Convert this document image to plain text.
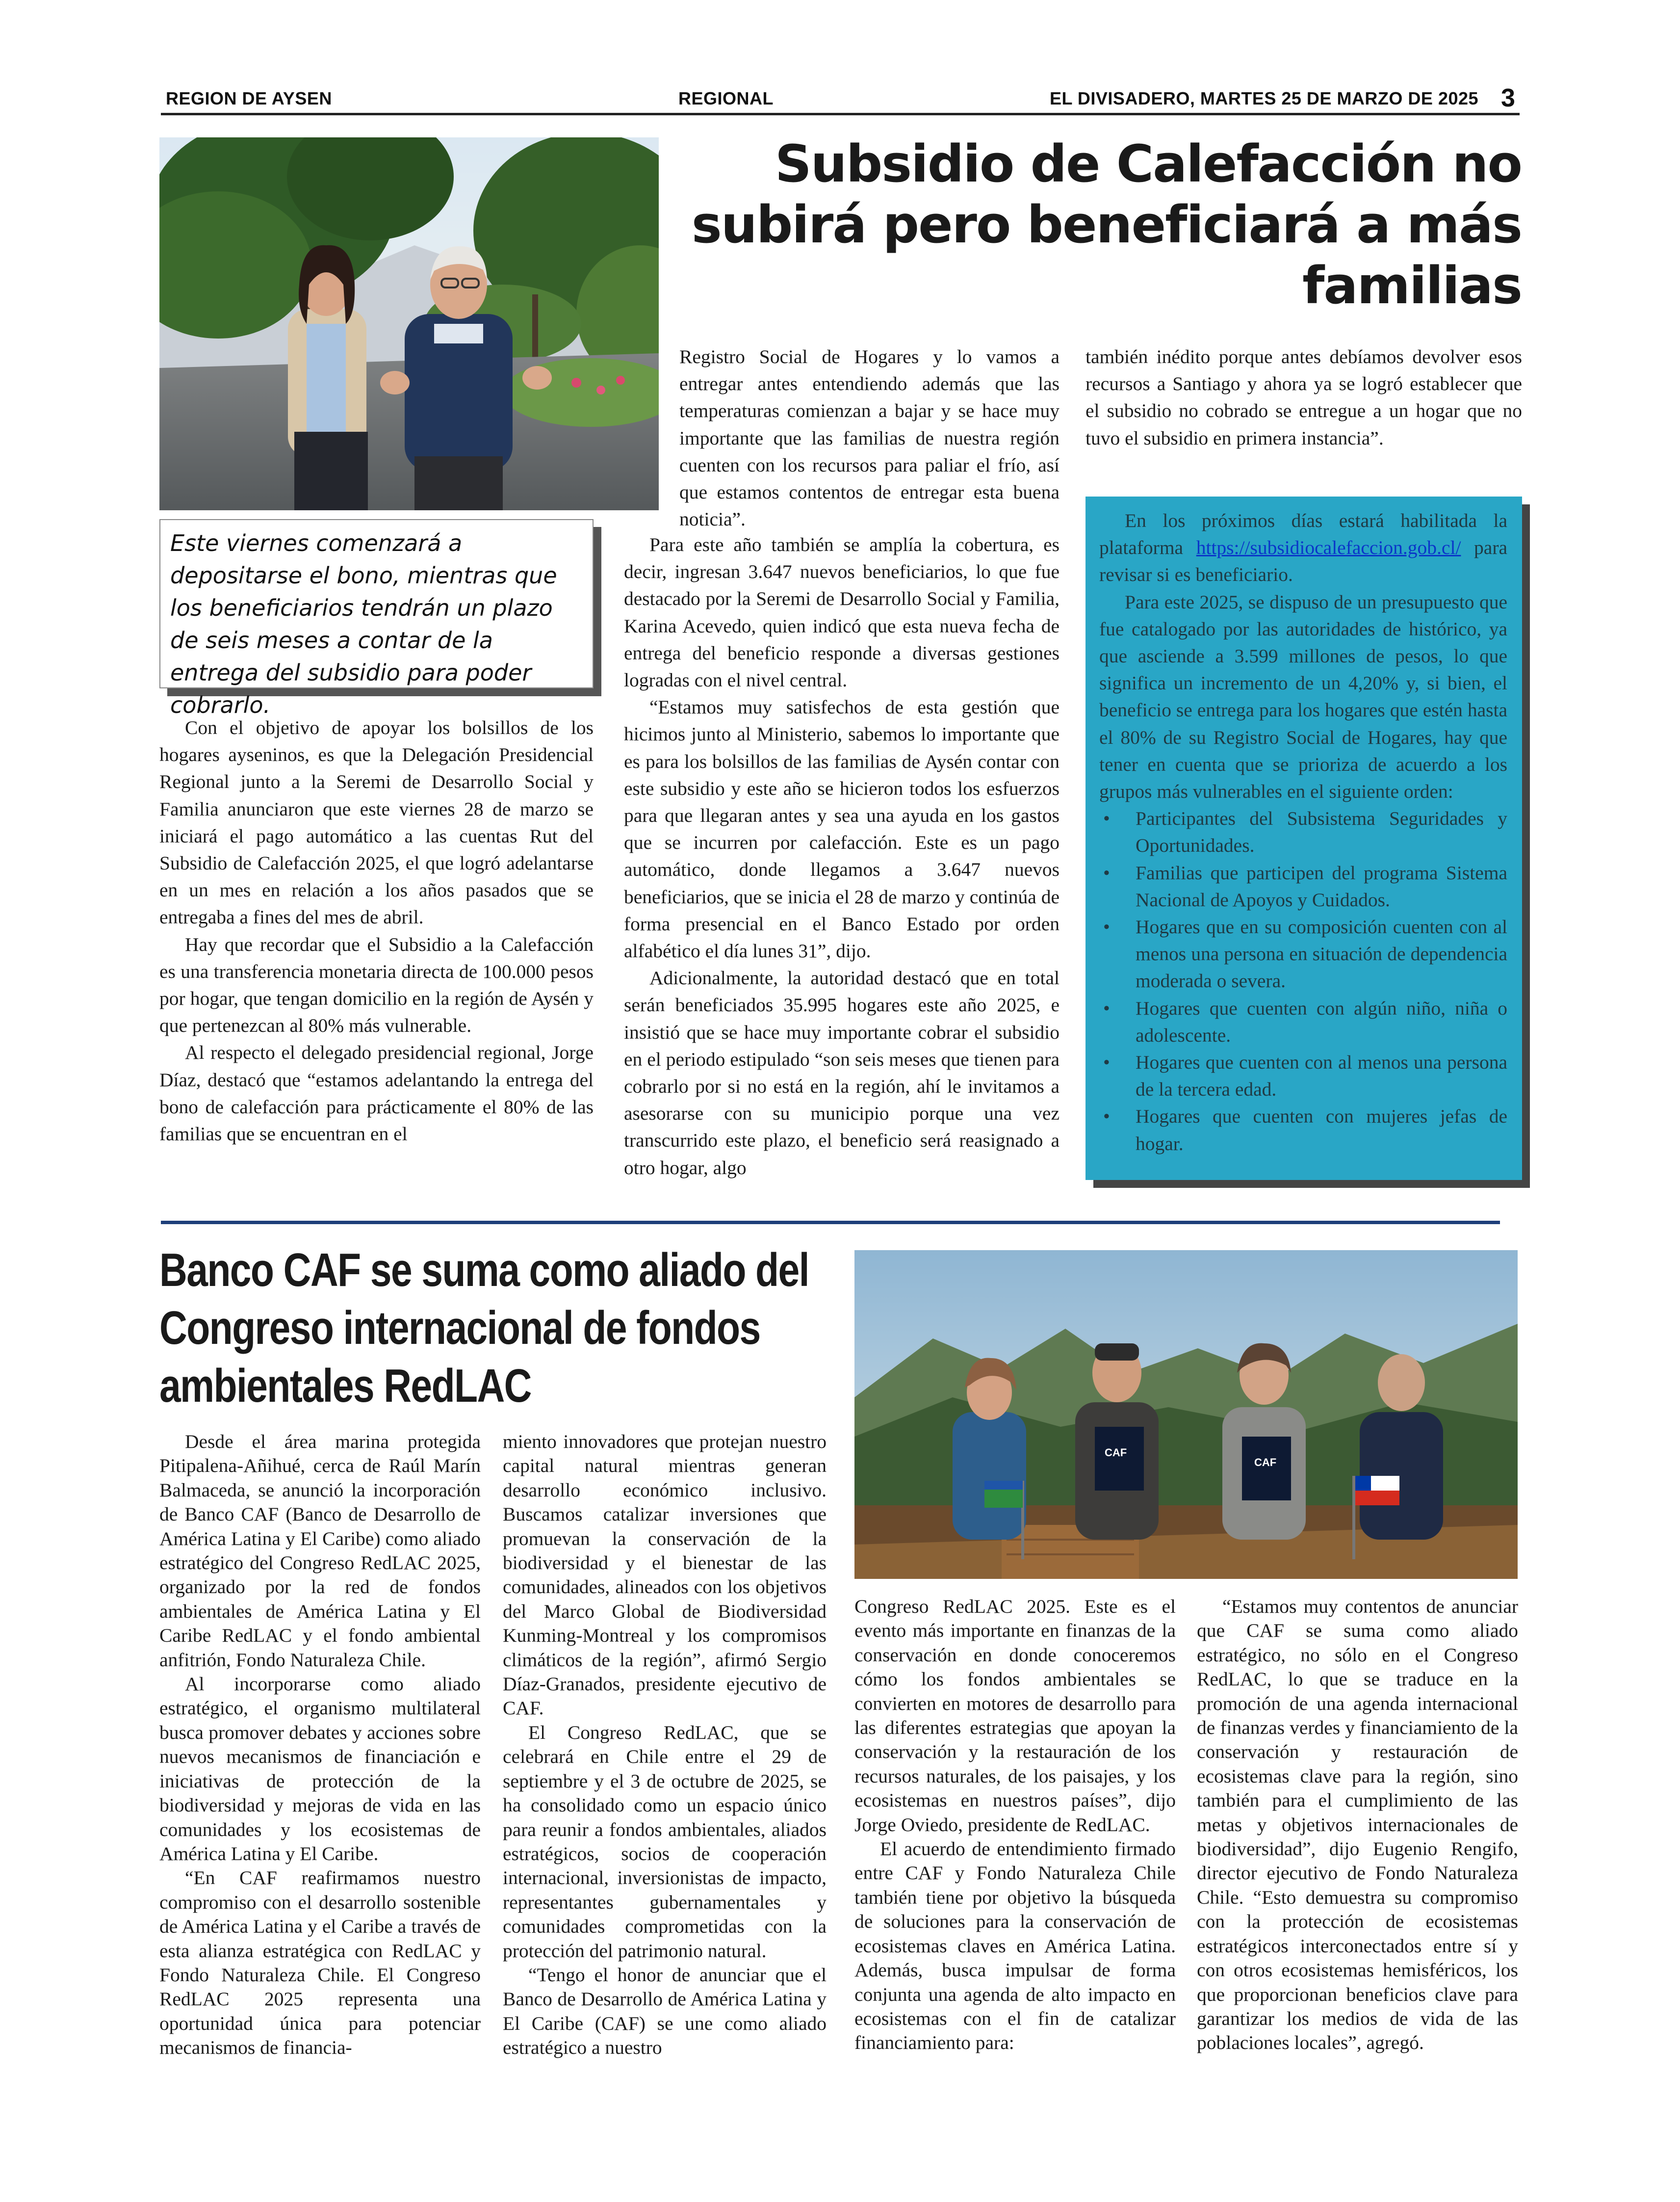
REGION DE AYSEN	REGIONAL	EL DIVISADERO, MARTES 25 DE MARZO DE 2025 3
Este viernes comenzará a depositarse el bono, mientras que los beneficiarios tendrán un plazo de seis meses a contar de la entrega del subsidio para poder cobrarlo.
Subsidio de Calefacción no
subirá pero beneficiará a más
familias

Con el objetivo de apoyar los bolsillos de los hogares ayseninos, es que la Delegación Presidencial Regional junto a la Seremi de Desarrollo Social y Familia anunciaron que este viernes 28 de marzo se iniciará el pago automático a las cuentas Rut del Subsidio de Calefacción 2025, el que logró adelantarse en un mes en relación a los años pasados que se entregaba a fines del mes de abril.

Hay que recordar que el Subsidio a la Calefacción es una transferencia monetaria directa de 100.000 pesos por hogar, que tengan domicilio en la región de Aysén y que pertenezcan al 80% más vulnerable.

Al respecto el delegado presidencial regional, Jorge Díaz, destacó que “estamos adelantando la entrega del bono de calefacción para prácticamente el 80% de las familias que se encuentran en el

Registro Social de Hogares y lo vamos a entregar antes entendiendo además que las temperaturas comienzan a bajar y se hace muy importante que las familias de nuestra región cuenten con los recursos para paliar el frío, así que estamos contentos de entregar esta buena noticia”.

Para este año también se amplía la cobertura, es decir, ingresan 3.647 nuevos beneficiarios, lo que fue destacado por la Seremi de Desarrollo Social y Familia, Karina Acevedo, quien indicó que esta nueva fecha de entrega del beneficio responde a diversas gestiones logradas con el nivel central.

“Estamos muy satisfechos de esta gestión que hicimos junto al Ministerio, sabemos lo importante que es para los bolsillos de las familias de Aysén contar con este subsidio y este año se hicieron todos los esfuerzos para que llegaran antes y sea una ayuda en los gastos que se incurren por calefacción. Este es un pago automático, donde llegamos a 3.647 nuevos beneficiarios, que se inicia el 28 de marzo y continúa de forma presencial en el Banco Estado por orden alfabético el día lunes 31”, dijo.

Adicionalmente, la autoridad destacó que en total serán beneficiados 35.995 hogares este año 2025, e insistió que se hace muy importante cobrar el subsidio en el periodo estipulado “son seis meses que tienen para cobrarlo por si no está en la región, ahí le invitamos a asesorarse con su municipio porque una vez transcurrido este plazo, el beneficio será reasignado a otro hogar, algo

también inédito porque antes debíamos devolver esos recursos a Santiago y ahora ya se logró establecer que el subsidio no cobrado se entregue a un hogar que no tuvo el subsidio en primera instancia”.

En los próximos días estará habilitada la plataforma https://subsidiocalefaccion.gob.cl/ para revisar si es beneficiario.

Para este 2025, se dispuso de un presupuesto que fue catalogado por las autoridades de histórico, ya que asciende a 3.599 millones de pesos, lo que significa un incremento de un 4,20% y, si bien, el beneficio se entrega para los hogares que estén hasta el 80% de su Registro Social de Hogares, hay que tener en cuenta que se prioriza de acuerdo a los grupos más vulnerables en el siguiente orden:

• Participantes del Subsistema Seguridades y Oportunidades.
• Familias que participen del programa Sistema Nacional de Apoyos y Cuidados.
• Hogares que en su composición cuenten con al menos una persona en situación de dependencia moderada o severa.
• Hogares que cuenten con algún niño, niña o adolescente.
• Hogares que cuenten con al menos una persona de la tercera edad.
• Hogares que cuenten con mujeres jefas de hogar.
Banco CAF se suma como aliado del
Congreso internacional de fondos
ambientales RedLAC
CAF
CAF

Desde el área marina protegida Pitipalena-Añihué, cerca de Raúl Marín Balmaceda, se anunció la incorporación de Banco CAF (Banco de Desarrollo de América Latina y El Caribe) como aliado estratégico del Congreso RedLAC 2025, organizado por la red de fondos ambientales de América Latina y El Caribe RedLAC y el fondo ambiental anfitrión, Fondo Naturaleza Chile.

Al incorporarse como aliado estratégico, el organismo multilateral busca promover debates y acciones sobre nuevos mecanismos de financiación e iniciativas de protección de la biodiversidad y mejoras de vida en las comunidades y los ecosistemas de América Latina y El Caribe.

“En CAF reafirmamos nuestro compromiso con el desarrollo sostenible de América Latina y el Caribe a través de esta alianza estratégica con RedLAC y Fondo Naturaleza Chile. El Congreso RedLAC 2025 representa una oportunidad única para potenciar mecanismos de financia-

miento innovadores que protejan nuestro capital natural mientras generan desarrollo económico inclusivo. Buscamos catalizar inversiones que promuevan la conservación de la biodiversidad y el bienestar de las comunidades, alineados con los objetivos del Marco Global de Biodiversidad Kunming-Montreal y los compromisos climáticos de la región”, afirmó Sergio Díaz-Granados, presidente ejecutivo de CAF.

El Congreso RedLAC, que se celebrará en Chile entre el 29 de septiembre y el 3 de octubre de 2025, se ha consolidado como un espacio único para reunir a fondos ambientales, aliados estratégicos, socios de cooperación internacional, inversionistas de impacto, representantes gubernamentales y comunidades comprometidas con la protección del patrimonio natural.

“Tengo el honor de anunciar que el Banco de Desarrollo de América Latina y El Caribe (CAF) se une como aliado estratégico a nuestro

Congreso RedLAC 2025. Este es el evento más importante en finanzas de la conservación en donde conoceremos cómo los fondos ambientales se convierten en motores de desarrollo para las diferentes estrategias que apoyan la conservación y la restauración de los recursos naturales, de los paisajes, y los ecosistemas en nuestros países”, dijo Jorge Oviedo, presidente de RedLAC.

El acuerdo de entendimiento firmado entre CAF y Fondo Naturaleza Chile también tiene por objetivo la búsqueda de soluciones para la conservación de ecosistemas claves en América Latina. Además, busca impulsar de forma conjunta una agenda de alto impacto en ecosistemas con el fin de catalizar financiamiento para:

“Estamos muy contentos de anunciar que CAF se suma como aliado estratégico, no sólo en el Congreso RedLAC, lo que se traduce en la promoción de una agenda internacional de finanzas verdes y financiamiento de la conservación y restauración de ecosistemas clave para la región, sino también para el cumplimiento de las metas y objetivos internacionales de biodiversidad”, dijo Eugenio Rengifo, director ejecutivo de Fondo Naturaleza Chile. “Esto demuestra su compromiso con la protección de ecosistemas estratégicos interconectados entre sí y con otros ecosistemas hemisféricos, los que proporcionan beneficios clave para garantizar los medios de vida de las poblaciones locales”, agregó.
